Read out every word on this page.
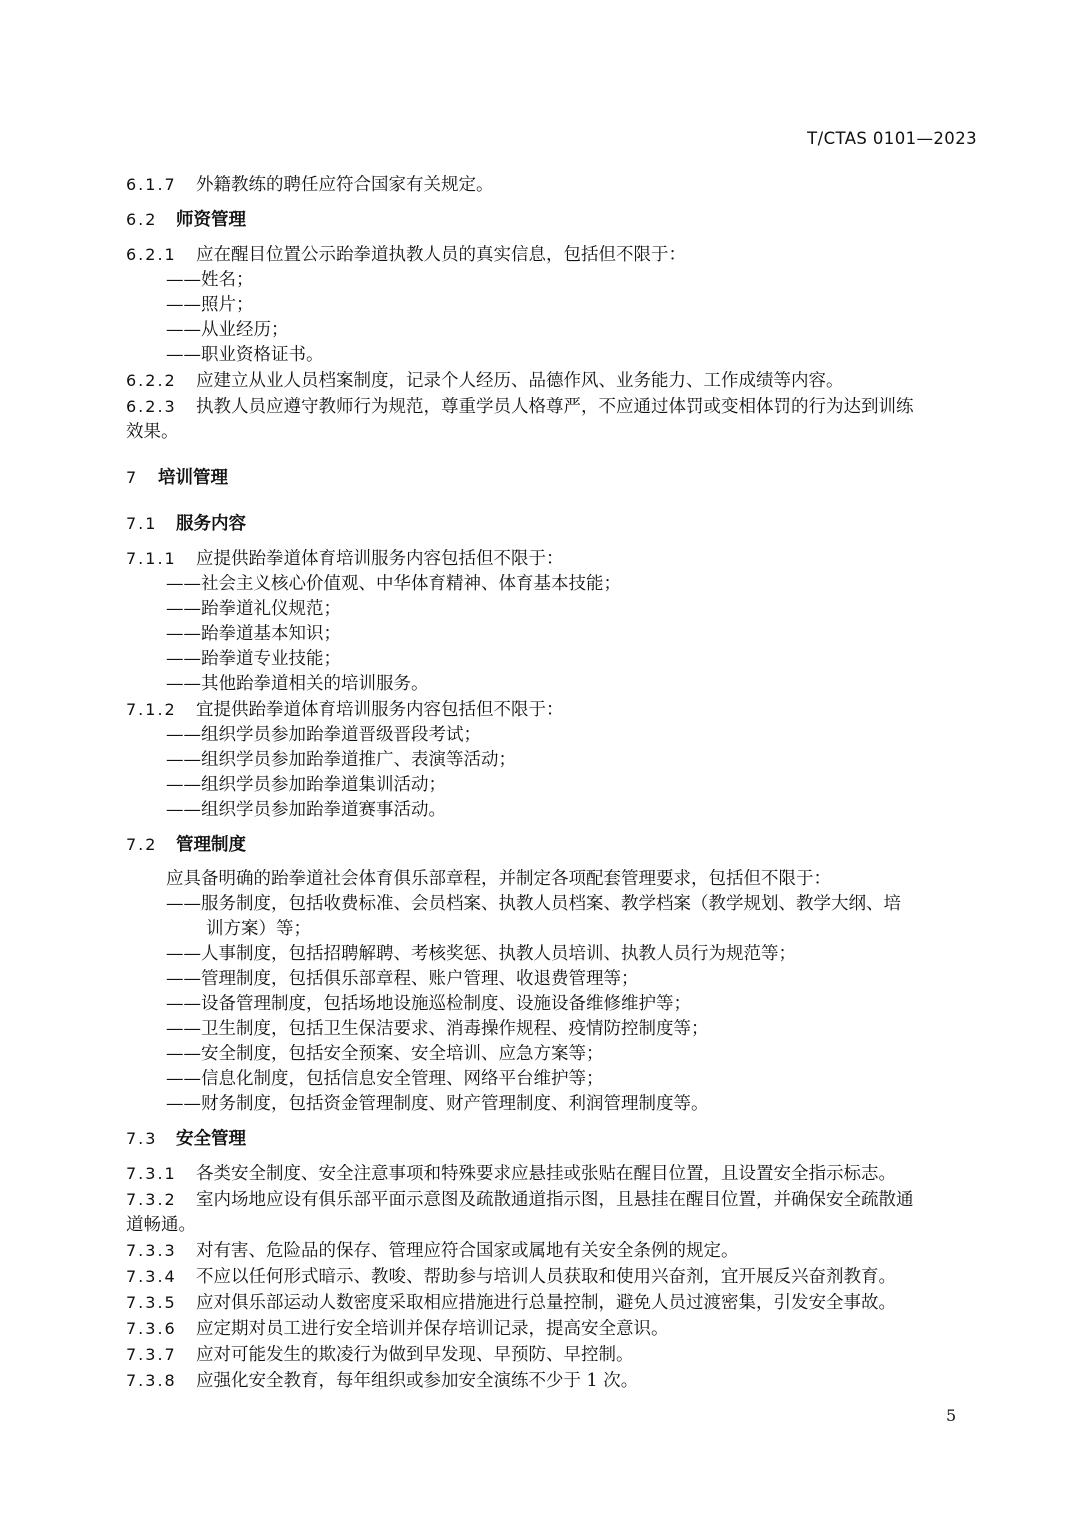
T/CTAS 0101—2023

6.1.7 外籍教练的聘任应符合国家有关规定。

6.2 师资管理

6.2.1 应在醒目位置公示跆拳道执教人员的真实信息，包括但不限于：

——姓名；

——照片；

——从业经历；

——职业资格证书。

6.2.2 应建立从业人员档案制度，记录个人经历、品德作风、业务能力、工作成绩等内容。

6.2.3 执教人员应遵守教师行为规范，尊重学员人格尊严，不应通过体罚或变相体罚的行为达到训练

效果。

7 培训管理

7.1 服务内容

7.1.1 应提供跆拳道体育培训服务内容包括但不限于：

——社会主义核心价值观、中华体育精神、体育基本技能；

——跆拳道礼仪规范；

——跆拳道基本知识；

——跆拳道专业技能；

——其他跆拳道相关的培训服务。

7.1.2 宜提供跆拳道体育培训服务内容包括但不限于：

——组织学员参加跆拳道晋级晋段考试；

——组织学员参加跆拳道推广、表演等活动；

——组织学员参加跆拳道集训活动；

——组织学员参加跆拳道赛事活动。

7.2 管理制度

应具备明确的跆拳道社会体育俱乐部章程，并制定各项配套管理要求，包括但不限于：

——服务制度，包括收费标准、会员档案、执教人员档案、教学档案（教学规划、教学大纲、培

训方案）等；

——人事制度，包括招聘解聘、考核奖惩、执教人员培训、执教人员行为规范等；

——管理制度，包括俱乐部章程、账户管理、收退费管理等；

——设备管理制度，包括场地设施巡检制度、设施设备维修维护等；

——卫生制度，包括卫生保洁要求、消毒操作规程、疫情防控制度等；

——安全制度，包括安全预案、安全培训、应急方案等；

——信息化制度，包括信息安全管理、网络平台维护等；

——财务制度，包括资金管理制度、财产管理制度、利润管理制度等。

7.3 安全管理

7.3.1 各类安全制度、安全注意事项和特殊要求应悬挂或张贴在醒目位置，且设置安全指示标志。

7.3.2 室内场地应设有俱乐部平面示意图及疏散通道指示图，且悬挂在醒目位置，并确保安全疏散通

道畅通。

7.3.3 对有害、危险品的保存、管理应符合国家或属地有关安全条例的规定。

7.3.4 不应以任何形式暗示、教唆、帮助参与培训人员获取和使用兴奋剂，宜开展反兴奋剂教育。

7.3.5 应对俱乐部运动人数密度采取相应措施进行总量控制，避免人员过渡密集，引发安全事故。

7.3.6 应定期对员工进行安全培训并保存培训记录，提高安全意识。

7.3.7 应对可能发生的欺凌行为做到早发现、早预防、早控制。

7.3.8 应强化安全教育，每年组织或参加安全演练不少于 1 次。

5
